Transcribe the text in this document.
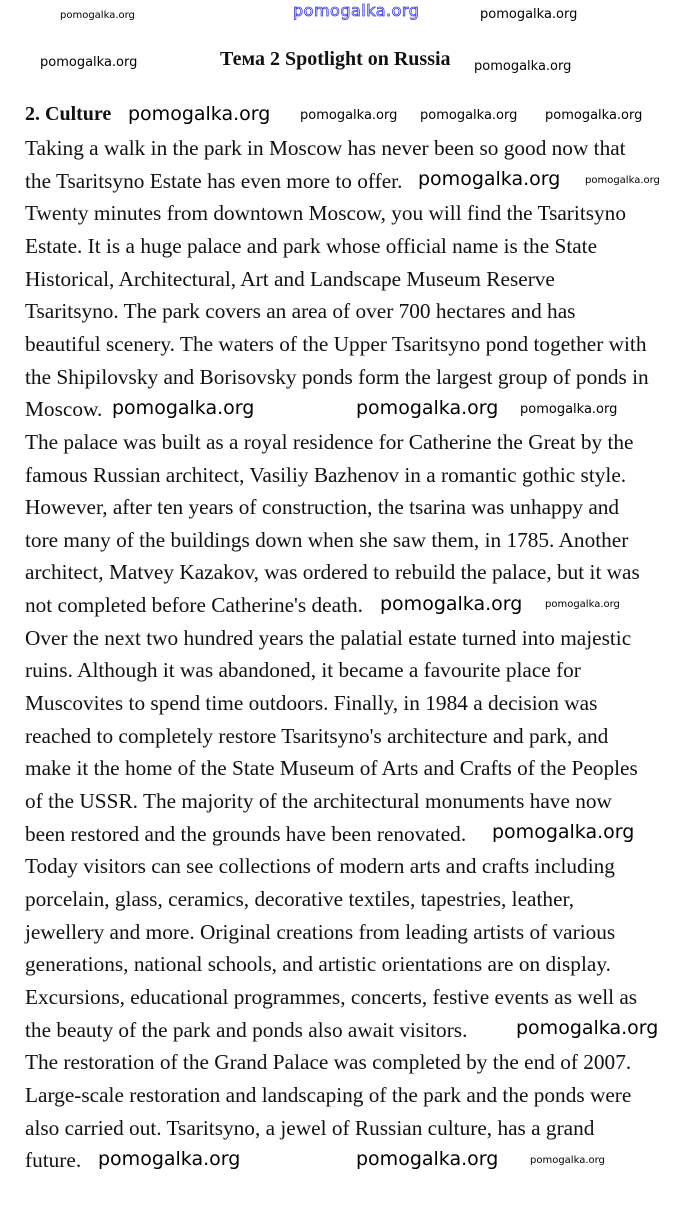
Тема 2 Spotlight on Russia
2. Culture
Taking a walk in the park in Moscow has never been so good now that
the Tsaritsyno Estate has even more to offer.
Twenty minutes from downtown Moscow, you will find the Tsaritsyno
Estate. It is a huge palace and park whose official name is the State
Historical, Architectural, Art and Landscape Museum Reserve
Tsaritsyno. The park covers an area of over 700 hectares and has
beautiful scenery. The waters of the Upper Tsaritsyno pond together with
the Shipilovsky and Borisovsky ponds form the largest group of ponds in
Moscow.
The palace was built as a royal residence for Catherine the Great by the
famous Russian architect, Vasiliy Bazhenov in a romantic gothic style.
However, after ten years of construction, the tsarina was unhappy and
tore many of the buildings down when she saw them, in 1785. Another
architect, Matvey Kazakov, was ordered to rebuild the palace, but it was
not completed before Catherine's death.
Over the next two hundred years the palatial estate turned into majestic
ruins. Although it was abandoned, it became a favourite place for
Muscovites to spend time outdoors. Finally, in 1984 a decision was
reached to completely restore Tsaritsyno's architecture and park, and
make it the home of the State Museum of Arts and Crafts of the Peoples
of the USSR. The majority of the architectural monuments have now
been restored and the grounds have been renovated.
Today visitors can see collections of modern arts and crafts including
porcelain, glass, ceramics, decorative textiles, tapestries, leather,
jewellery and more. Original creations from leading artists of various
generations, national schools, and artistic orientations are on display.
Excursions, educational programmes, concerts, festive events as well as
the beauty of the park and ponds also await visitors.
The restoration of the Grand Palace was completed by the end of 2007.
Large-scale restoration and landscaping of the park and the ponds were
also carried out. Tsaritsyno, a jewel of Russian culture, has a grand
future.
pomogalka.org
pomogalka.org	pomogalka.org
pomogalka.org	pomogalka.org
pomogalka.org pomogalka.org pomogalka.org pomogalka.org
pomogalka.org pomogalka.org
pomogalka.org	pomogalka.org pomogalka.org
pomogalka.org pomogalka.org
pomogalka.org
pomogalka.org
pomogalka.org	pomogalka.org	pomogalka.org
